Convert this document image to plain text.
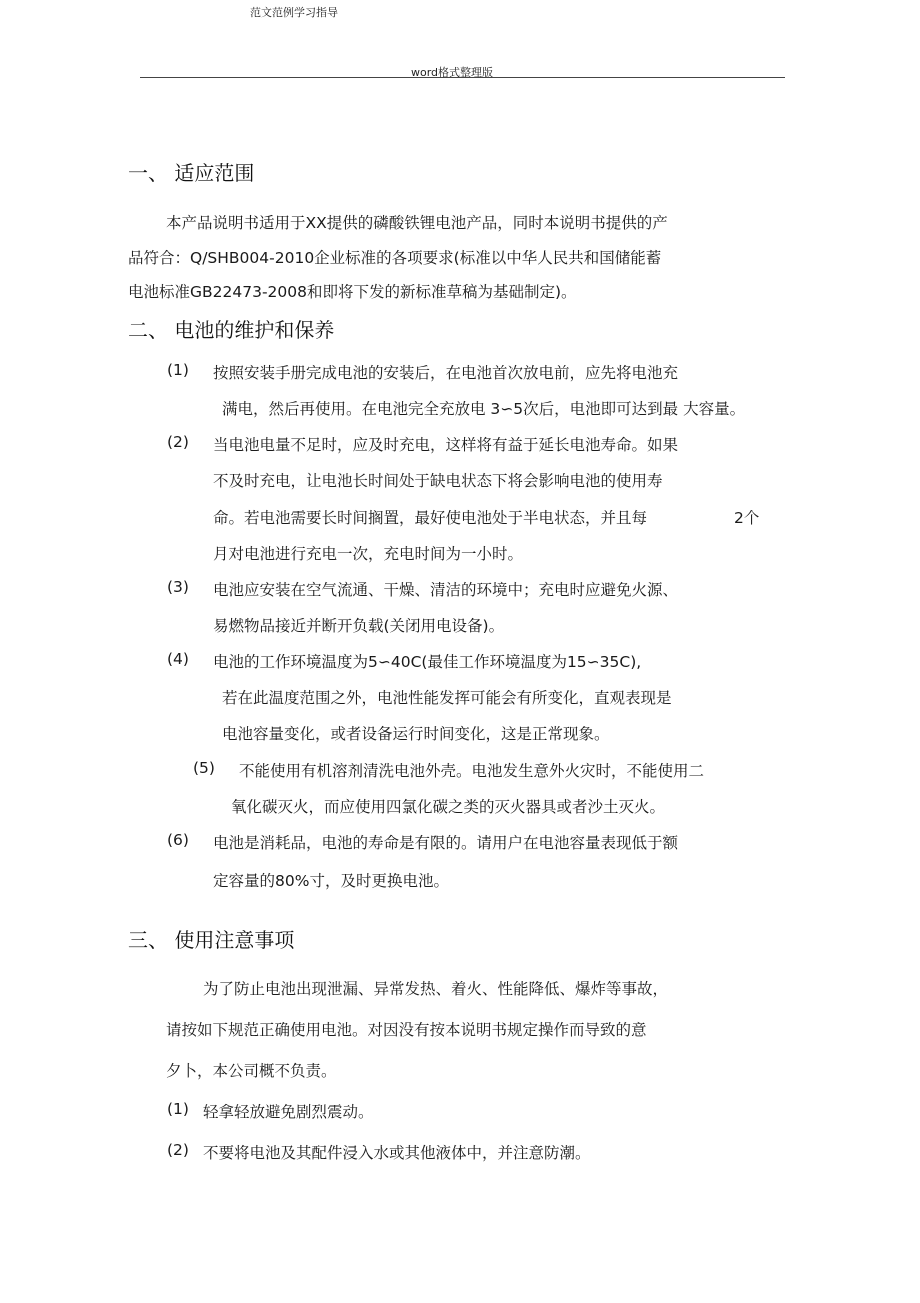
范文范例学习指导
word格式整理版
一、 适应范围
本产品说明书适用于XX提供的磷酸铁锂电池产品，同时本说明书提供的产
品符合：Q/SHB004-2010企业标准的各项要求(标准以中华人民共和国储能蓄
电池标准GB22473-2008和即将下发的新标准草稿为基础制定)。
二、 电池的维护和保养
(1) 按照安装手册完成电池的安装后，在电池首次放电前，应先将电池充
满电，然后再使用。在电池完全充放电 3∽5次后，电池即可达到最 大容量。
(2) 当电池电量不足时，应及时充电，这样将有益于延长电池寿命。如果
不及时充电，让电池长时间处于缺电状态下将会影响电池的使用寿
命。若电池需要长时间搁置，最好使电池处于半电状态，并且每	2个
月对电池进行充电一次，充电时间为一小时。
(3) 电池应安装在空气流通、干燥、清洁的环境中；充电时应避免火源、
易燃物品接近并断开负载(关闭用电设备)。
(4) 电池的工作环境温度为5∽40C(最佳工作环境温度为15∽35C),
若在此温度范围之外，电池性能发挥可能会有所变化，直观表现是
电池容量变化，或者设备运行时间变化，这是正常现象。
(5) 不能使用有机溶剂清洗电池外壳。电池发生意外火灾时，不能使用二
氧化碳灭火，而应使用四氯化碳之类的灭火器具或者沙土灭火。
(6) 电池是消耗品，电池的寿命是有限的。请用户在电池容量表现低于额
定容量的80%寸，及时更换电池。
三、 使用注意事项
为了防止电池出现泄漏、异常发热、着火、性能降低、爆炸等事故，
请按如下规范正确使用电池。对因没有按本说明书规定操作而导致的意
夕卜，本公司概不负责。
(1) 轻拿轻放避免剧烈震动。
(2) 不要将电池及其配件浸入水或其他液体中，并注意防潮。
